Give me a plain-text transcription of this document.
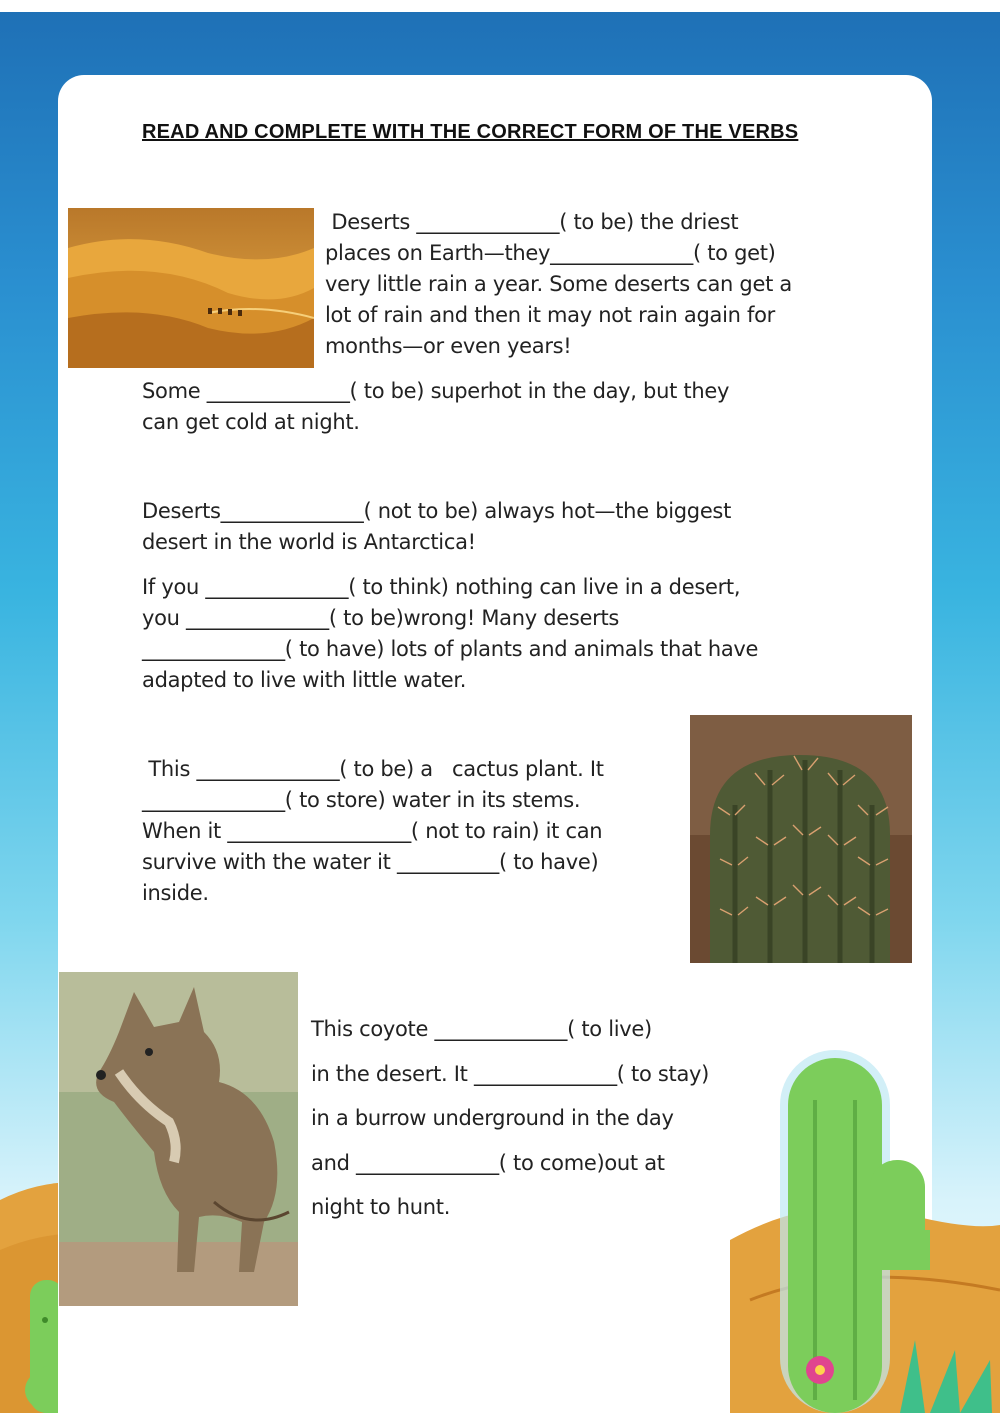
READ AND COMPLETE WITH THE CORRECT FORM OF THE VERBS
Deserts ______________( to be) the driest
places on Earth—they______________( to get)
very little rain a year. Some deserts can get a
lot of rain and then it may not rain again for
months—or even years!
Some ______________( to be) superhot in the day, but they
can get cold at night.
Deserts______________( not to be) always hot—the biggest
desert in the world is Antarctica!
If you ______________( to think) nothing can live in a desert,
you ______________( to be)wrong! Many deserts
______________( to have) lots of plants and animals that have
adapted to live with little water.
This ______________( to be) a   cactus plant. It
______________( to store) water in its stems.
When it __________________( not to rain) it can
survive with the water it __________( to have)
inside.
This coyote _____________( to live)
in the desert. It ______________( to stay)
in a burrow underground in the day
and ______________( to come)out at
night to hunt.
